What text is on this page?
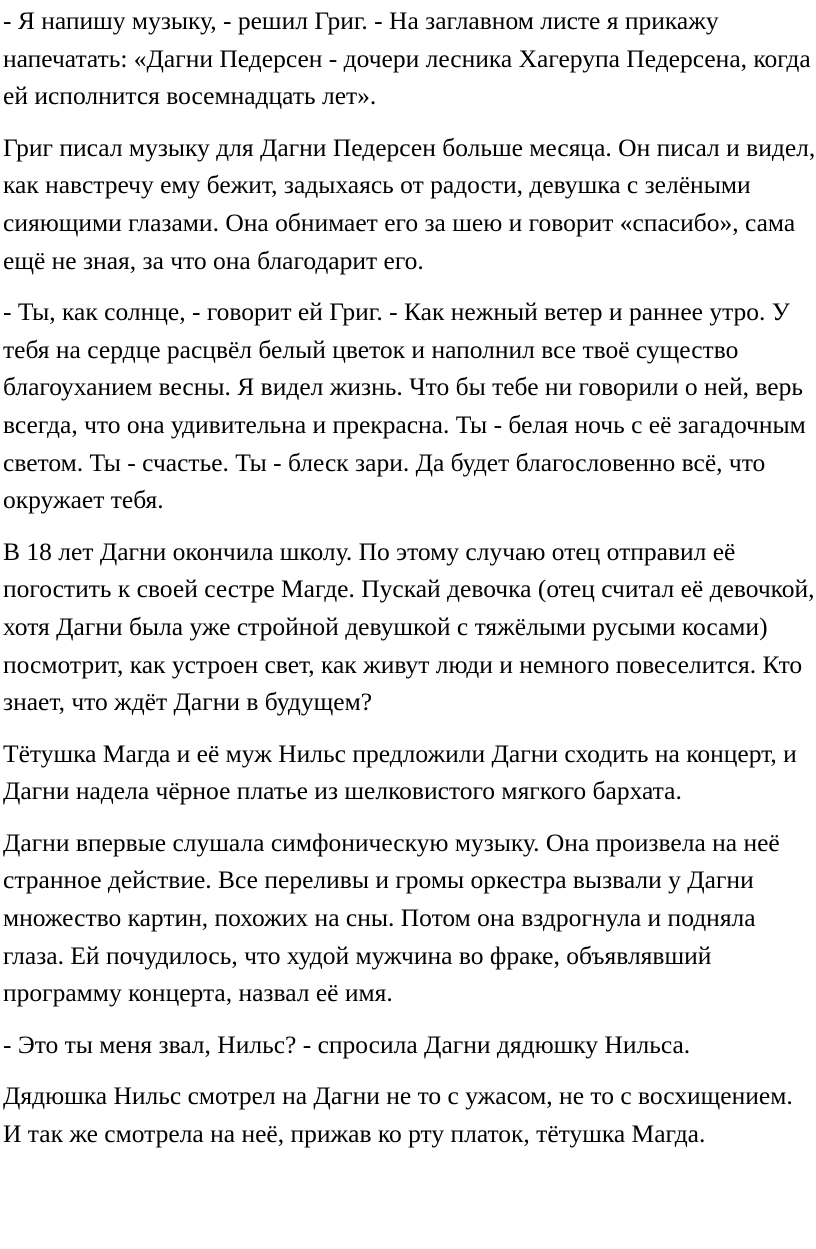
- Я напишу музыку, - решил Григ. - На заглавном листе я прикажу напечатать: «Дагни Педерсен - дочери лесника Хагерупа Педерсена, когда ей исполнится восемнадцать лет».

Григ писал музыку для Дагни Педерсен больше месяца. Он писал и видел, как навстречу ему бежит, задыхаясь от радости, девушка с зелёными сияющими глазами. Она обнимает его за шею и говорит «спасибо», сама ещё не зная, за что она благодарит его.

- Ты, как солнце, - говорит ей Григ. - Как нежный ветер и раннее утро. У тебя на сердце расцвёл белый цветок и наполнил все твоё существо благоуханием весны. Я видел жизнь. Что бы тебе ни говорили о ней, верь всегда, что она удивительна и прекрасна. Ты - белая ночь с её загадочным светом. Ты - счастье. Ты - блеск зари. Да будет благословенно всё, что окружает тебя.

В 18 лет Дагни окончила школу. По этому случаю отец отправил её погостить к своей сестре Магде. Пускай девочка (отец считал её девочкой, хотя Дагни была уже стройной девушкой с тяжёлыми русыми косами) посмотрит, как устроен свет, как живут люди и немного повеселится. Кто знает, что ждёт Дагни в будущем?

Тётушка Магда и её муж Нильс предложили Дагни сходить на концерт, и Дагни надела чёрное платье из шелковистого мягкого бархата.

Дагни впервые слушала симфоническую музыку. Она произвела на неё странное действие. Все переливы и громы оркестра вызвали у Дагни множество картин, похожих на сны. Потом она вздрогнула и подняла глаза. Ей почудилось, что худой мужчина во фраке, объявлявший программу концерта, назвал её имя.

- Это ты меня звал, Нильс? - спросила Дагни дядюшку Нильса.

Дядюшка Нильс смотрел на Дагни не то с ужасом, не то с восхищением. И так же смотрела на неё, прижав ко рту платок, тётушка Магда.
